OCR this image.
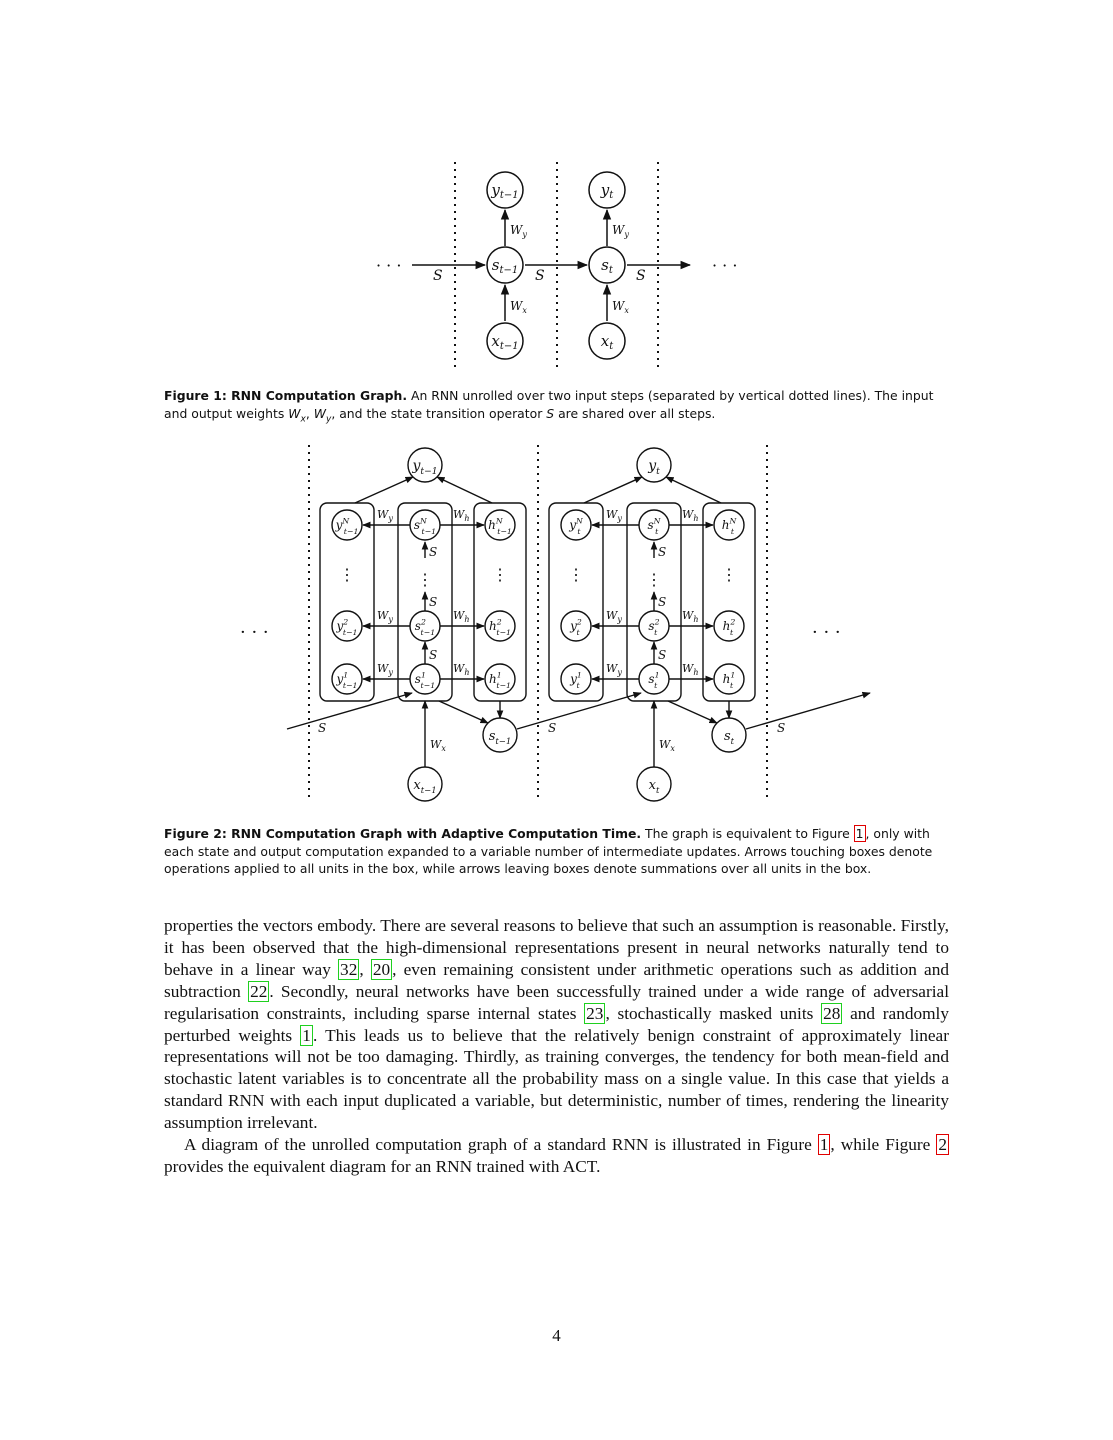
$y_{t-1}$	$y_t$
$s_{t-1}$	$s_t$
$x_{t-1}$	$x_t$
$W_y$	$W_y$
$W_x$	$W_x$
S	S	S
· · ·	· · ·
Figure 1: RNN Computation Graph. An RNN unrolled over two input steps (separated by vertical dotted lines). The input and output weights $W_x$, $W_y$, and the state transition operator S are shared over all steps.
$y_{t-1}$
$W_y$	$W_h$
$y^N$ t−1	$s^N$ t−1	$h^N$ t−1
$W_y$	$W_h$
$y^2$ t−1	$s^2$ t−1	$h^2$ t−1
$W_y$	$W_h$
$y^1$ t−1	$s^1$ t−1	$h^1$ t−1
S
S
S
⋮
⋮	⋮
$x_{t-1}$
$W_x$
$s_{t-1}$
$y_t$
$W_y$	$W_h$
$y^N$ t	$s^N$ t	$h^N$ t
$W_y$	$W_h$
$y^2$ t	$s^2$ t	$h^2$ t
$W_y$	$W_h$
$y^1$ t	$s^1$ t	$h^1$ t
S
S
S
⋮
⋮	⋮
$x_t$
$W_x$
$s_t$
S	S	S
· · ·	· · ·
Figure 2: RNN Computation Graph with Adaptive Computation Time. The graph is equivalent to Figure 1 , only with each state and output computation expanded to a variable number of intermediate updates. Arrows touching boxes denote operations applied to all units in the box, while arrows leaving boxes denote summations over all units in the box.

properties the vectors embody. There are several reasons to believe that such an assumption is reasonable. Firstly, it has been observed that the high-dimensional representations present in neural networks naturally tend to behave in a linear way 32 , 20 , even remaining consistent under arithmetic operations such as addition and subtraction 22 . Secondly, neural networks have been successfully trained under a wide range of adversarial regularisation constraints, including sparse internal states 23 , stochastically masked units 28 and randomly perturbed weights 1 . This leads us to believe that the relatively benign constraint of approximately linear representations will not be too damaging. Thirdly, as training converges, the tendency for both mean-field and stochastic latent variables is to concentrate all the probability mass on a single value. In this case that yields a standard RNN with each input duplicated a variable, but deterministic, number of times, rendering the linearity assumption irrelevant.

A diagram of the unrolled computation graph of a standard RNN is illustrated in Figure 1 , while Figure 2 provides the equivalent diagram for an RNN trained with ACT.

4
